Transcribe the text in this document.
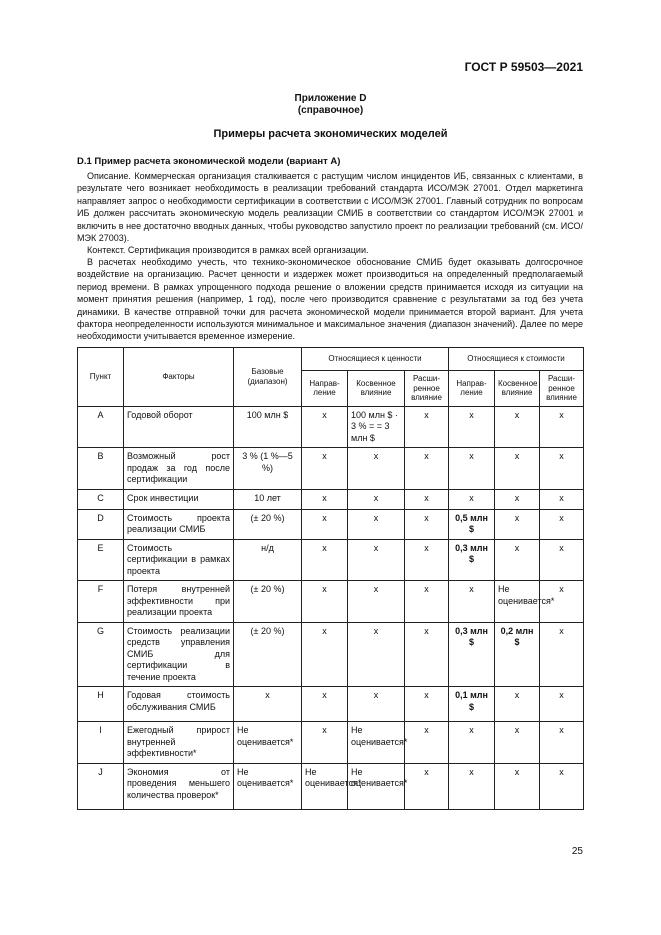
ГОСТ Р 59503—2021
Приложение D
(справочное)
Примеры расчета экономических моделей
D.1 Пример расчета экономической модели (вариант А)

Описание. Коммерческая организация сталкивается с растущим числом инцидентов ИБ, связанных с клиентами, в результате чего возникает необходимость в реализации требований стандарта ИСО/МЭК 27001. Отдел маркетинга направляет запрос о необходимости сертификации в соответствии с ИСО/МЭК 27001. Главный сотрудник по вопросам ИБ должен рассчитать экономическую модель реализации СМИБ в соответствии со стандартом ИСО/МЭК 27001 и включить в нее достаточно вводных данных, чтобы руководство запустило проект по реализации требований (см. ИСО/МЭК 27003).

Контекст. Сертификация производится в рамках всей организации.

В расчетах необходимо учесть, что технико-экономическое обоснование СМИБ будет оказывать долгосрочное воздействие на организацию. Расчет ценности и издержек может производиться на определенный предполагаемый период времени. В рамках упрощенного подхода решение о вложении средств принимается исходя из ситуации на момент принятия решения (например, 1 год), после чего производится сравнение с результатами за год без учета динамики. В качестве отправной точки для расчета экономической модели принимается второй вариант. Для учета фактора неопределенности используются минимальное и максимальное значения (диапазон значений). Далее по мере необходимости учитывается временное измерение.

Пункт	Факторы	Базовые (диапазон)	Относящиеся к ценности			Относящиеся к стоимости		
			Направ-ление	Косвенное влияние	Расши-ренное влияние	Направ-ление	Косвенное влияние	Расши-ренное влияние
A	Годовой оборот	100 млн $	x	100 млн $ · 3 % = = 3 млн $	x	x	x	x
B	Возможный рост продаж за год после сертификации	3 % (1 %—5 %)	x	x	x	x	x	x
C	Срок инвестиции	10 лет	x	x	x	x	x	x
D	Стоимость проекта реализации СМИБ	(± 20 %)	x	x	x	0,5 млн $	x	x
E	Стоимость сертификации в рамках проекта	н/д	x	x	x	0,3 млн $	x	x
F	Потеря внутренней эффективности при реализации проекта	(± 20 %)	x	x	x	x	Не оценивается*	x
G	Стоимость реализации средств управления СМИБ для сертификации в течение проекта	(± 20 %)	x	x	x	0,3 млн $	0,2 млн $	x
H	Годовая стоимость обслуживания СМИБ	x	x	x	x	0,1 млн $	x	x
I	Ежегодный прирост внутренней эффективности*	Не оценивается*	x	Не оценивается*	x	x	x	x
J	Экономия от проведения меньшего количества проверок*	Не оценивается*	Не оценивается*	Не оценивается*	x	x	x	x
25
